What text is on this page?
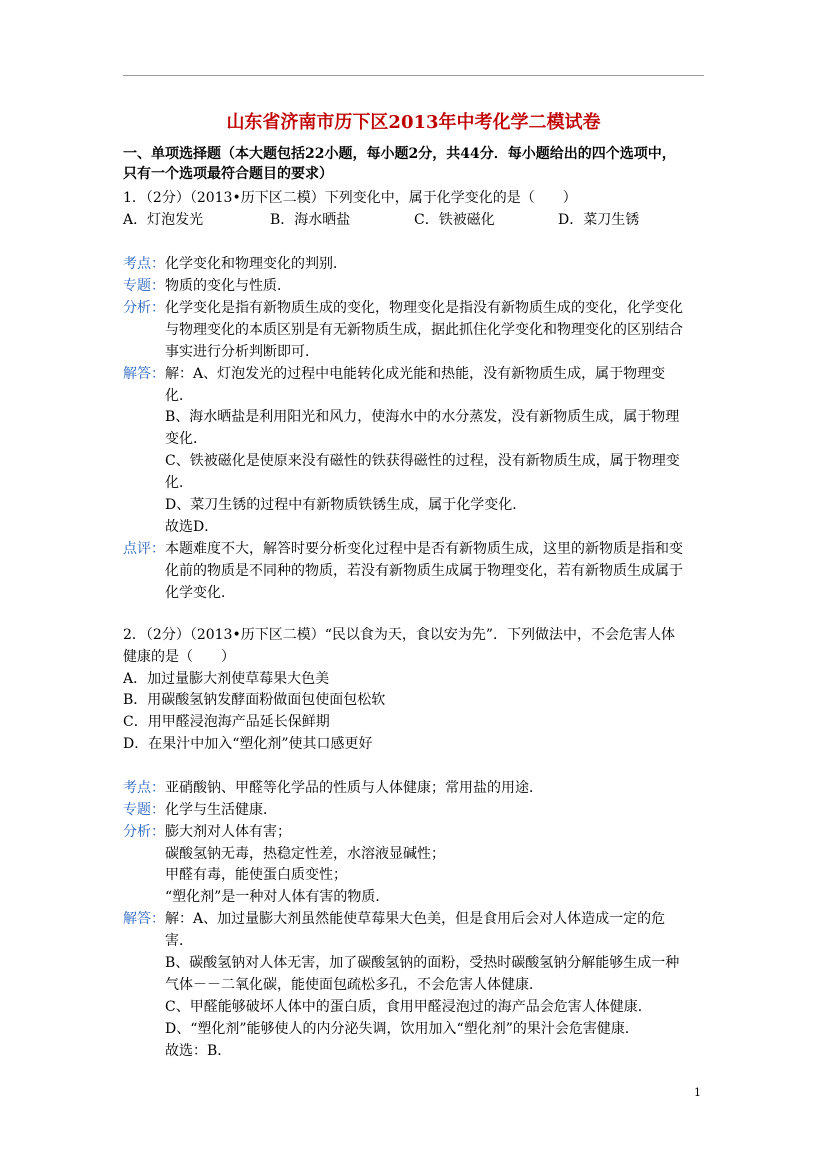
山东省济南市历下区2013年中考化学二模试卷
一、单项选择题（本大题包括22小题，每小题2分，共44分．每小题给出的四个选项中，
只有一个选项最符合题目的要求）
1．（2分）（2013•历下区二模）下列变化中，属于化学变化的是（　　）
A．灯泡发光	B．海水晒盐	C．铁被磁化	D．菜刀生锈
考点： 化学变化和物理变化的判别．
专题： 物质的变化与性质．
分析： 化学变化是指有新物质生成的变化，物理变化是指没有新物质生成的变化，化学变化
与物理变化的本质区别是有无新物质生成，据此抓住化学变化和物理变化的区别结合
事实进行分析判断即可．
解答： 解：A、灯泡发光的过程中电能转化成光能和热能，没有新物质生成，属于物理变
化．
B、海水晒盐是利用阳光和风力，使海水中的水分蒸发，没有新物质生成，属于物理
变化．
C、铁被磁化是使原来没有磁性的铁获得磁性的过程，没有新物质生成，属于物理变
化．
D、菜刀生锈的过程中有新物质铁锈生成，属于化学变化．
故选D．
点评： 本题难度不大，解答时要分析变化过程中是否有新物质生成，这里的新物质是指和变
化前的物质是不同种的物质，若没有新物质生成属于物理变化，若有新物质生成属于
化学变化．
2．（2分）（2013•历下区二模）“民以食为天，食以安为先”．下列做法中，不会危害人体
健康的是（　　）
A．加过量膨大剂使草莓果大色美
B．用碳酸氢钠发酵面粉做面包使面包松软
C．用甲醛浸泡海产品延长保鲜期
D．在果汁中加入“塑化剂”使其口感更好
考点： 亚硝酸钠、甲醛等化学品的性质与人体健康；常用盐的用途．
专题： 化学与生活健康．
分析： 膨大剂对人体有害；
碳酸氢钠无毒，热稳定性差，水溶液显碱性；
甲醛有毒，能使蛋白质变性；
“塑化剂”是一种对人体有害的物质．
解答： 解：A、加过量膨大剂虽然能使草莓果大色美，但是食用后会对人体造成一定的危
害．
B、碳酸氢钠对人体无害，加了碳酸氢钠的面粉，受热时碳酸氢钠分解能够生成一种
气体－－二氧化碳，能使面包疏松多孔，不会危害人体健康．
C、甲醛能够破坏人体中的蛋白质，食用甲醛浸泡过的海产品会危害人体健康．
D、“塑化剂”能够使人的内分泌失调，饮用加入“塑化剂”的果汁会危害健康．
故选：B．
1
